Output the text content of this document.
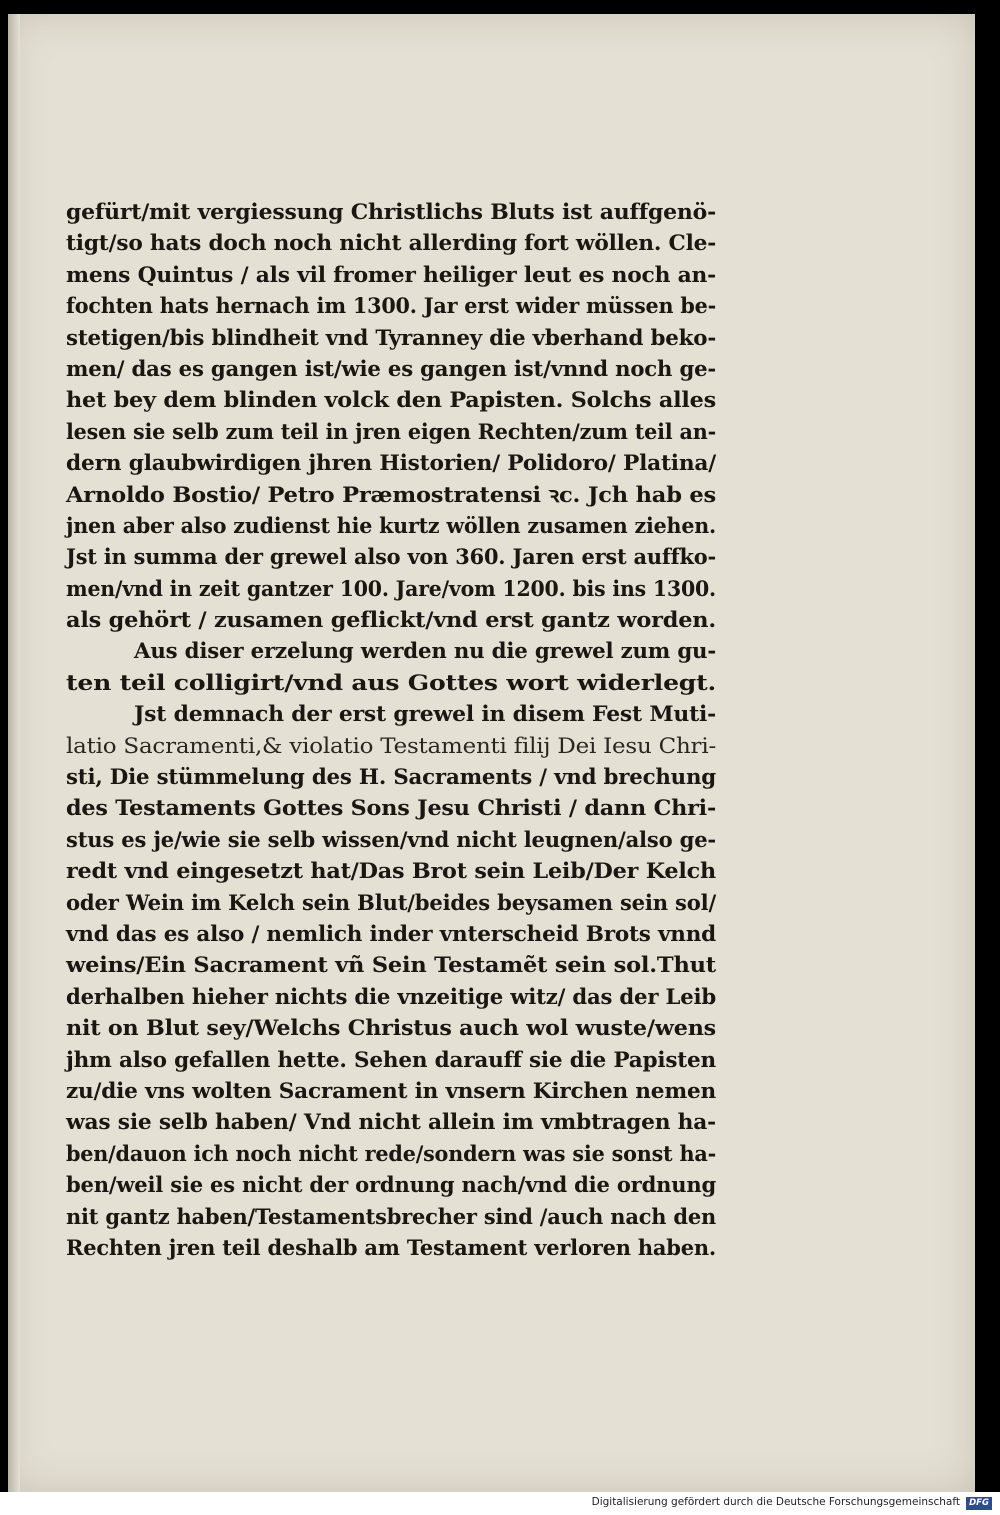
gefürt/mit vergiessung Christlichs Bluts ist auffgenö-
tigt/so hats doch noch nicht allerding fort wöllen. Cle-
mens Quintus / als vil fromer heiliger leut es noch an-
fochten hats hernach im 1300. Jar erst wider müssen be-
stetigen/bis blindheit vnd Tyranney die vberhand beko-
men/ das es gangen ist/wie es gangen ist/vnnd noch ge-
het bey dem blinden volck den Papisten. Solchs alles
lesen sie selb zum teil in jren eigen Rechten/zum teil an-
dern glaubwirdigen jhren Historien/ Polidoro/ Platina/
Arnoldo Bostio/ Petro Præmostratensi ꝛc. Jch hab es
jnen aber also zudienst hie kurtz wöllen zusamen ziehen.
Jst in summa der grewel also von 360. Jaren erst auffko-
men/vnd in zeit gantzer 100. Jare/vom 1200. bis ins 1300.
als gehört / zusamen geflickt/vnd erst gantz worden.
Aus diser erzelung werden nu die grewel zum gu-
ten teil colligirt/vnd aus Gottes wort widerlegt.
Jst demnach der erst grewel in disem Fest Muti-
latio Sacramenti,& violatio Testamenti filij Dei Iesu Chri-
sti, Die stümmelung des H. Sacraments / vnd brechung
des Testaments Gottes Sons Jesu Christi / dann Chri-
stus es je/wie sie selb wissen/vnd nicht leugnen/also ge-
redt vnd eingesetzt hat/Das Brot sein Leib/Der Kelch
oder Wein im Kelch sein Blut/beides beysamen sein sol/
vnd das es also / nemlich inder vnterscheid Brots vnnd
weins/Ein Sacrament vñ Sein Testamẽt sein sol.Thut
derhalben hieher nichts die vnzeitige witz/ das der Leib
nit on Blut sey/Welchs Christus auch wol wuste/wens
jhm also gefallen hette. Sehen darauff sie die Papisten
zu/die vns wolten Sacrament in vnsern Kirchen nemen
was sie selb haben/ Vnd nicht allein im vmbtragen ha-
ben/dauon ich noch nicht rede/sondern was sie sonst ha-
ben/weil sie es nicht der ordnung nach/vnd die ordnung
nit gantz haben/Testamentsbrecher sind /auch nach den
Rechten jren teil deshalb am Testament verloren haben.
Digitalisierung gefördert durch die Deutsche Forschungsgemeinschaft	DFG
